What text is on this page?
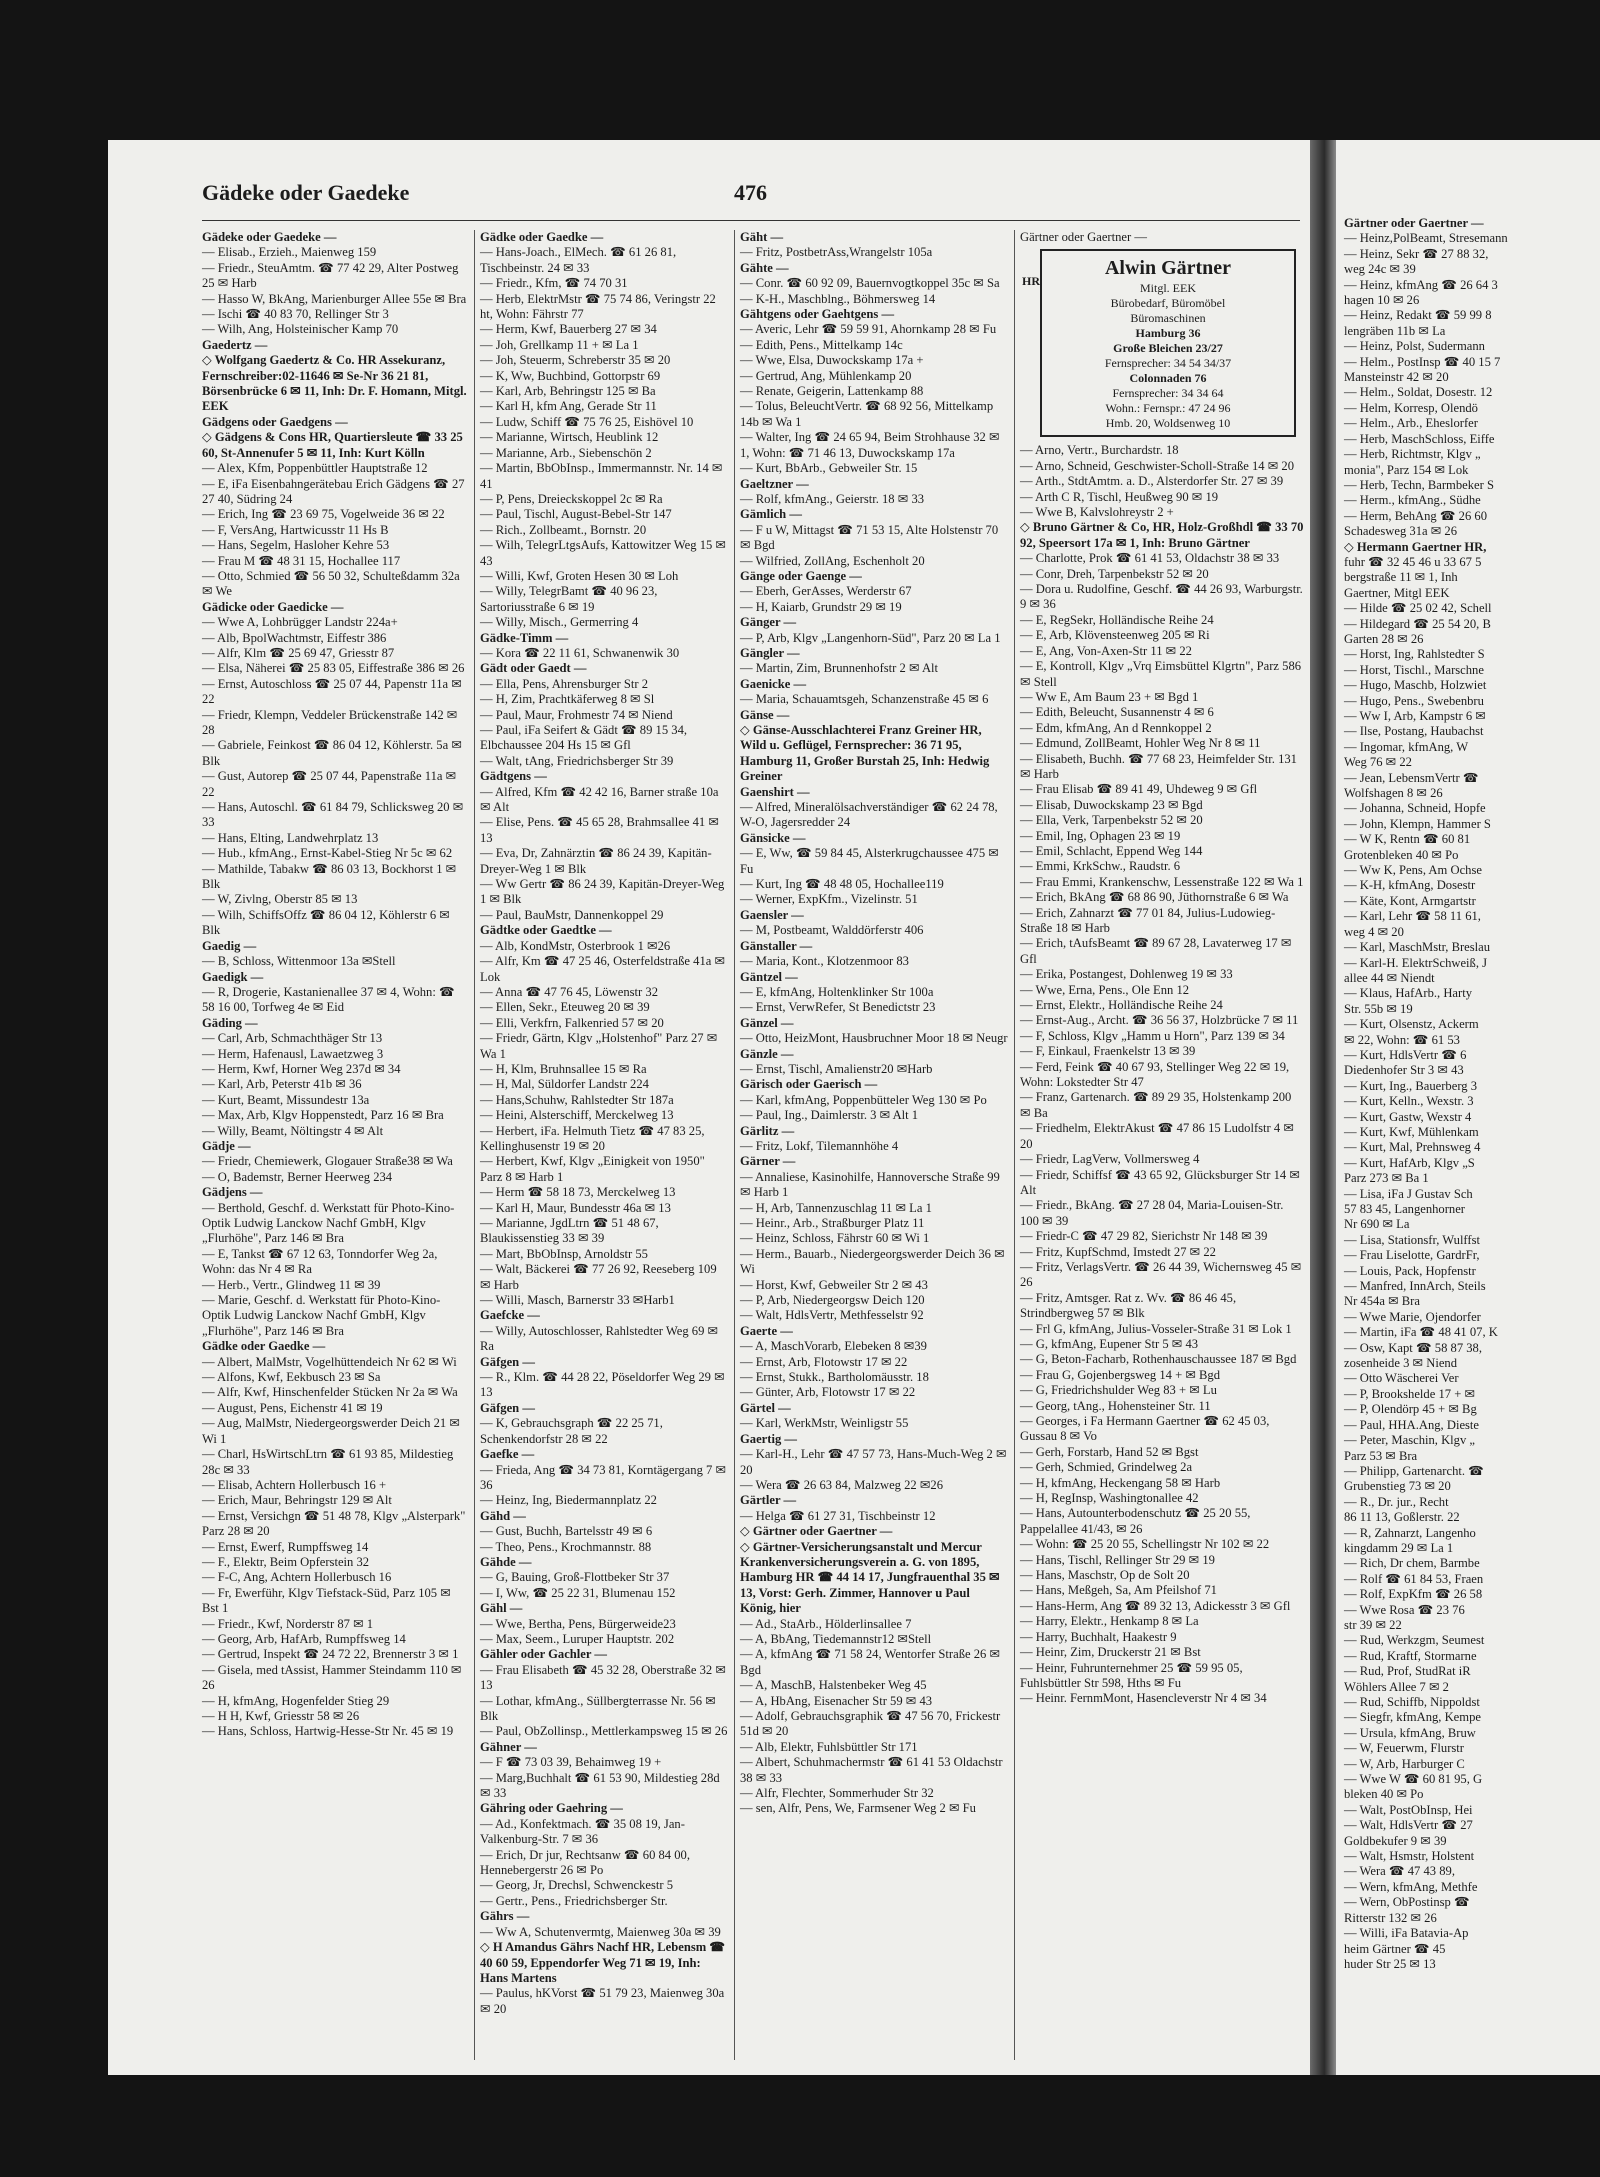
Gädeke oder Gaedeke	476
Gädeke oder Gaedeke —
— Elisab., Erzieh., Maienweg 159
— Friedr., SteuAmtm. ☎ 77 42 29, Alter Postweg 25 ✉ Harb
— Hasso W, BkAng, Marienburger Allee 55e ✉ Bra
— Ischi ☎ 40 83 70, Rellinger Str 3
— Wilh, Ang, Holsteinischer Kamp 70
Gaedertz —
◇ Wolfgang Gaedertz & Co. HR Assekuranz, Fernschreiber:02-11646 ✉ Se-Nr 36 21 81, Börsenbrücke 6 ✉ 11, Inh: Dr. F. Homann, Mitgl. EEK
Gädgens oder Gaedgens —
◇ Gädgens & Cons HR, Quartiersleute ☎ 33 25 60, St-Annenufer 5 ✉ 11, Inh: Kurt Kölln
— Alex, Kfm, Poppenbüttler Hauptstraße 12
— E, iFa Eisenbahngerätebau Erich Gädgens ☎ 27 27 40, Südring 24
— Erich, Ing ☎ 23 69 75, Vogelweide 36 ✉ 22
— F, VersAng, Hartwicusstr 11 Hs B
— Hans, Segelm, Hasloher Kehre 53
— Frau M ☎ 48 31 15, Hochallee 117
— Otto, Schmied ☎ 56 50 32, Schulteßdamm 32a ✉ We
Gädicke oder Gaedicke —
— Wwe A, Lohbrügger Landstr 224a+
— Alb, BpolWachtmstr, Eiffestr 386
— Alfr, Klm ☎ 25 69 47, Griesstr 87
— Elsa, Näherei ☎ 25 83 05, Eiffestraße 386 ✉ 26
— Ernst, Autoschloss ☎ 25 07 44, Papenstr 11a ✉ 22
— Friedr, Klempn, Veddeler Brückenstraße 142 ✉ 28
— Gabriele, Feinkost ☎ 86 04 12, Köhlerstr. 5a ✉ Blk
— Gust, Autorep ☎ 25 07 44, Papenstraße 11a ✉ 22
— Hans, Autoschl. ☎ 61 84 79, Schlicksweg 20 ✉ 33
— Hans, Elting, Landwehrplatz 13
— Hub., kfmAng., Ernst-Kabel-Stieg Nr 5c ✉ 62
— Mathilde, Tabakw ☎ 86 03 13, Bockhorst 1 ✉ Blk
— W, Zivlng, Oberstr 85 ✉ 13
— Wilh, SchiffsOffz ☎ 86 04 12, Köhlerstr 6 ✉ Blk
Gaedig —
— B, Schloss, Wittenmoor 13a ✉Stell
Gaedigk —
— R, Drogerie, Kastanienallee 37 ✉ 4, Wohn: ☎ 58 16 00, Torfweg 4e ✉ Eid
Gäding —
— Carl, Arb, Schmachthäger Str 13
— Herm, Hafenausl, Lawaetzweg 3
— Herm, Kwf, Horner Weg 237d ✉ 34
— Karl, Arb, Peterstr 41b ✉ 36
— Kurt, Beamt, Missundestr 13a
— Max, Arb, Klgv Hoppenstedt, Parz 16 ✉ Bra
— Willy, Beamt, Nöltingstr 4 ✉ Alt
Gädje —
— Friedr, Chemiewerk, Glogauer Straße38 ✉ Wa
— O, Bademstr, Berner Heerweg 234
Gädjens —
— Berthold, Geschf. d. Werkstatt für Photo-Kino-Optik Ludwig Lanckow Nachf GmbH, Klgv „Flurhöhe", Parz 146 ✉ Bra
— E, Tankst ☎ 67 12 63, Tonndorfer Weg 2a, Wohn: das Nr 4 ✉ Ra
— Herb., Vertr., Glindweg 11 ✉ 39
— Marie, Geschf. d. Werkstatt für Photo-Kino-Optik Ludwig Lanckow Nachf GmbH, Klgv „Flurhöhe", Parz 146 ✉ Bra
Gädke oder Gaedke —
— Albert, MalMstr, Vogelhüttendeich Nr 62 ✉ Wi
— Alfons, Kwf, Eekbusch 23 ✉ Sa
— Alfr, Kwf, Hinschenfelder Stücken Nr 2a ✉ Wa
— August, Pens, Eichenstr 41 ✉ 19
— Aug, MalMstr, Niedergeorgswerder Deich 21 ✉ Wi 1
— Charl, HsWirtschLtrn ☎ 61 93 85, Mildestieg 28c ✉ 33
— Elisab, Achtern Hollerbusch 16 +
— Erich, Maur, Behringstr 129 ✉ Alt
— Ernst, Versichgn ☎ 51 48 78, Klgv „Alsterpark" Parz 28 ✉ 20
— Ernst, Ewerf, Rumpffsweg 14
— F., Elektr, Beim Opferstein 32
— F-C, Ang, Achtern Hollerbusch 16
— Fr, Ewerführ, Klgv Tiefstack-Süd, Parz 105 ✉ Bst 1
— Friedr., Kwf, Norderstr 87 ✉ 1
— Georg, Arb, HafArb, Rumpffsweg 14
— Gertrud, Inspekt ☎ 24 72 22, Brennerstr 3 ✉ 1
— Gisela, med tAssist, Hammer Steindamm 110 ✉ 26
— H, kfmAng, Hogenfelder Stieg 29
— H H, Kwf, Griesstr 58 ✉ 26
— Hans, Schloss, Hartwig-Hesse-Str Nr. 45 ✉ 19
Gädke oder Gaedke —
— Hans-Joach., ElMech. ☎ 61 26 81, Tischbeinstr. 24 ✉ 33
— Friedr., Kfm, ☎ 74 70 31
— Herb, ElektrMstr ☎ 75 74 86, Veringstr 22 ht, Wohn: Fährstr 77
— Herm, Kwf, Bauerberg 27 ✉ 34
— Joh, Grellkamp 11 + ✉ La 1
— Joh, Steuerm, Schreberstr 35 ✉ 20
— K, Ww, Buchbind, Gottorpstr 69
— Karl, Arb, Behringstr 125 ✉ Ba
— Karl H, kfm Ang, Gerade Str 11
— Ludw, Schiff ☎ 75 76 25, Eishövel 10
— Marianne, Wirtsch, Heublink 12
— Marianne, Arb., Siebenschön 2
— Martin, BbObInsp., Immermannstr. Nr. 14 ✉ 41
— P, Pens, Dreieckskoppel 2c ✉ Ra
— Paul, Tischl, August-Bebel-Str 147
— Rich., Zollbeamt., Bornstr. 20
— Wilh, TelegrLtgsAufs, Kattowitzer Weg 15 ✉ 43
— Willi, Kwf, Groten Hesen 30 ✉ Loh
— Willy, TelegrBamt ☎ 40 96 23, Sartoriusstraße 6 ✉ 19
— Willy, Misch., Germerring 4
Gädke-Timm —
— Kora ☎ 22 11 61, Schwanenwik 30
Gädt oder Gaedt —
— Ella, Pens, Ahrensburger Str 2
— H, Zim, Prachtkäferweg 8 ✉ Sl
— Paul, Maur, Frohmestr 74 ✉ Niend
— Paul, iFa Seifert & Gädt ☎ 89 15 34, Elbchaussee 204 Hs 15 ✉ Gfl
— Walt, tAng, Friedrichsberger Str 39
Gädtgens —
— Alfred, Kfm ☎ 42 42 16, Barner straße 10a ✉ Alt
— Elise, Pens. ☎ 45 65 28, Brahmsallee 41 ✉ 13
— Eva, Dr, Zahnärztin ☎ 86 24 39, Kapitän-Dreyer-Weg 1 ✉ Blk
— Ww Gertr ☎ 86 24 39, Kapitän-Dreyer-Weg 1 ✉ Blk
— Paul, BauMstr, Dannenkoppel 29
Gädtke oder Gaedtke —
— Alb, KondMstr, Osterbrook 1 ✉26
— Alfr, Km ☎ 47 25 46, Osterfeldstraße 41a ✉ Lok
— Anna ☎ 47 76 45, Löwenstr 32
— Ellen, Sekr., Eteuweg 20 ✉ 39
— Elli, Verkfrn, Falkenried 57 ✉ 20
— Friedr, Gärtn, Klgv „Holstenhof" Parz 27 ✉ Wa 1
— H, Klm, Bruhnsallee 15 ✉ Ra
— H, Mal, Süldorfer Landstr 224
— Hans,Schuhw, Rahlstedter Str 187a
— Heini, Alsterschiff, Merckelweg 13
— Herbert, iFa. Helmuth Tietz ☎ 47 83 25, Kellinghusenstr 19 ✉ 20
— Herbert, Kwf, Klgv „Einigkeit von 1950" Parz 8 ✉ Harb 1
— Herm ☎ 58 18 73, Merckelweg 13
— Karl H, Maur, Bundesstr 46a ✉ 13
— Marianne, JgdLtrn ☎ 51 48 67, Blaukissenstieg 33 ✉ 39
— Mart, BbObInsp, Arnoldstr 55
— Walt, Bäckerei ☎ 77 26 92, Reeseberg 109 ✉ Harb
— Willi, Masch, Barnerstr 33 ✉Harb1
Gaefcke —
— Willy, Autoschlosser, Rahlstedter Weg 69 ✉ Ra
Gäfgen —
— R., Klm. ☎ 44 28 22, Pöseldorfer Weg 29 ✉ 13
Gäfgen —
— K, Gebrauchsgraph ☎ 22 25 71, Schenkendorfstr 28 ✉ 22
Gaefke —
— Frieda, Ang ☎ 34 73 81, Korntägergang 7 ✉ 36
— Heinz, Ing, Biedermannplatz 22
Gähd —
— Gust, Buchh, Bartelsstr 49 ✉ 6
— Theo, Pens., Krochmannstr. 88
Gähde —
— G, Bauing, Groß-Flottbeker Str 37
— I, Ww, ☎ 25 22 31, Blumenau 152
Gähl —
— Wwe, Bertha, Pens, Bürgerweide23
— Max, Seem., Luruper Hauptstr. 202
Gähler oder Gachler —
— Frau Elisabeth ☎ 45 32 28, Oberstraße 32 ✉ 13
— Lothar, kfmAng., Süllbergterrasse Nr. 56 ✉ Blk
— Paul, ObZollinsp., Mettlerkampsweg 15 ✉ 26
Gähner —
— F ☎ 73 03 39, Behaimweg 19 +
— Marg,Buchhalt ☎ 61 53 90, Mildestieg 28d ✉ 33
Gähring oder Gaehring —
— Ad., Konfektmach. ☎ 35 08 19, Jan-Valkenburg-Str. 7 ✉ 36
— Erich, Dr jur, Rechtsanw ☎ 60 84 00, Hennebergerstr 26 ✉ Po
— Georg, Jr, Drechsl, Schwenckestr 5
— Gertr., Pens., Friedrichsberger Str.
Gährs —
— Ww A, Schutenvermtg, Maienweg 30a ✉ 39
◇ H Amandus Gährs Nachf HR, Lebensm ☎ 40 60 59, Eppendorfer Weg 71 ✉ 19, Inh: Hans Martens
— Paulus, hKVorst ☎ 51 79 23, Maienweg 30a ✉ 20
Gäht —
— Fritz, PostbetrAss,Wrangelstr 105a
Gähte —
— Conr. ☎ 60 92 09, Bauernvogtkoppel 35c ✉ Sa
— K-H., Maschblng., Böhmersweg 14
Gähtgens oder Gaehtgens —
— Averic, Lehr ☎ 59 59 91, Ahornkamp 28 ✉ Fu
— Edith, Pens., Mittelkamp 14c
— Wwe, Elsa, Duwockskamp 17a +
— Gertrud, Ang, Mühlenkamp 20
— Renate, Geigerin, Lattenkamp 88
— Tolus, BeleuchtVertr. ☎ 68 92 56, Mittelkamp 14b ✉ Wa 1
— Walter, Ing ☎ 24 65 94, Beim Strohhause 32 ✉ 1, Wohn: ☎ 71 46 13, Duwockskamp 17a
— Kurt, BbArb., Gebweiler Str. 15
Gaeltzner —
— Rolf, kfmAng., Geierstr. 18 ✉ 33
Gämlich —
— F u W, Mittagst ☎ 71 53 15, Alte Holstenstr 70 ✉ Bgd
— Wilfried, ZollAng, Eschenholt 20
Gänge oder Gaenge —
— Eberh, GerAsses, Werderstr 67
— H, Kaiarb, Grundstr 29 ✉ 19
Gänger —
— P, Arb, Klgv „Langenhorn-Süd", Parz 20 ✉ La 1
Gängler —
— Martin, Zim, Brunnenhofstr 2 ✉ Alt
Gaenicke —
— Maria, Schauamtsgeh, Schanzenstraße 45 ✉ 6
Gänse —
◇ Gänse-Ausschlachterei Franz Greiner HR, Wild u. Geflügel, Fernsprecher: 36 71 95, Hamburg 11, Großer Burstah 25, Inh: Hedwig Greiner
Gaenshirt —
— Alfred, Mineralölsachverständiger ☎ 62 24 78, W-O, Jagersredder 24
Gänsicke —
— E, Ww, ☎ 59 84 45, Alsterkrugchaussee 475 ✉ Fu
— Kurt, Ing ☎ 48 48 05, Hochallee119
— Werner, ExpKfm., Vizelinstr. 51
Gaensler —
— M, Postbeamt, Walddörferstr 406
Gänstaller —
— Maria, Kont., Klotzenmoor 83
Gäntzel —
— E, kfmAng, Holtenklinker Str 100a
— Ernst, VerwRefer, St Benedictstr 23
Gänzel —
— Otto, HeizMont, Hausbruchner Moor 18 ✉ Neugr
Gänzle —
— Ernst, Tischl, Amalienstr20 ✉Harb
Gärisch oder Gaerisch —
— Karl, kfmAng, Poppenbütteler Weg 130 ✉ Po
— Paul, Ing., Daimlerstr. 3 ✉ Alt 1
Gärlitz —
— Fritz, Lokf, Tilemannhöhe 4
Gärner —
— Annaliese, Kasinohilfe, Hannoversche Straße 99 ✉ Harb 1
— H, Arb, Tannenzuschlag 11 ✉ La 1
— Heinr., Arb., Straßburger Platz 11
— Heinz, Schloss, Fährstr 60 ✉ Wi 1
— Herm., Bauarb., Niedergeorgswerder Deich 36 ✉ Wi
— Horst, Kwf, Gebweiler Str 2 ✉ 43
— P, Arb, Niedergeorgsw Deich 120
— Walt, HdlsVertr, Methfesselstr 92
Gaerte —
— A, MaschVorarb, Elebeken 8 ✉39
— Ernst, Arb, Flotowstr 17 ✉ 22
— Ernst, Stukk., Bartholomäusstr. 18
— Günter, Arb, Flotowstr 17 ✉ 22
Gärtel —
— Karl, WerkMstr, Weinligstr 55
Gaertig —
— Karl-H., Lehr ☎ 47 57 73, Hans-Much-Weg 2 ✉ 20
— Wera ☎ 26 63 84, Malzweg 22 ✉26
Gärtler —
— Helga ☎ 61 27 31, Tischbeinstr 12
◇ Gärtner oder Gaertner —
◇ Gärtner-Versicherungsanstalt und Mercur Krankenversicherungsverein a. G. von 1895, Hamburg HR ☎ 44 14 17, Jungfrauenthal 35 ✉ 13, Vorst: Gerh. Zimmer, Hannover u Paul König, hier
— Ad., StaArb., Hölderlinsallee 7
— A, BbAng, Tiedemannstr12 ✉Stell
— A, kfmAng ☎ 71 58 24, Wentorfer Straße 26 ✉ Bgd
— A, MaschB, Halstenbeker Weg 45
— A, HbAng, Eisenacher Str 59 ✉ 43
— Adolf, Gebrauchsgraphik ☎ 47 56 70, Frickestr 51d ✉ 20
— Alb, Elektr, Fuhlsbüttler Str 171
— Albert, Schuhmachermstr ☎ 61 41 53 Oldachstr 38 ✉ 33
— Alfr, Flechter, Sommerhuder Str 32
— sen, Alfr, Pens, We, Farmsener Weg 2 ✉ Fu
Gärtner oder Gaertner —
HR
Alwin Gärtner
Mitgl. EEK
Bürobedarf, Büromöbel
Büromaschinen
Hamburg 36
Große Bleichen 23/27
Fernsprecher: 34 54 34/37
Colonnaden 76
Fernsprecher: 34 34 64
Wohn.: Fernspr.: 47 24 96
Hmb. 20, Woldsenweg 10
— Arno, Vertr., Burchardstr. 18
— Arno, Schneid, Geschwister-Scholl-Straße 14 ✉ 20
— Arth., StdtAmtm. a. D., Alsterdorfer Str. 27 ✉ 39
— Arth C R, Tischl, Heußweg 90 ✉ 19
— Wwe B, Kalvslohreystr 2 +
◇ Bruno Gärtner & Co, HR, Holz-Großhdl ☎ 33 70 92, Speersort 17a ✉ 1, Inh: Bruno Gärtner
— Charlotte, Prok ☎ 61 41 53, Oldachstr 38 ✉ 33
— Conr, Dreh, Tarpenbekstr 52 ✉ 20
— Dora u. Rudolfine, Geschf. ☎ 44 26 93, Warburgstr. 9 ✉ 36
— E, RegSekr, Holländische Reihe 24
— E, Arb, Klövensteenweg 205 ✉ Ri
— E, Ang, Von-Axen-Str 11 ✉ 22
— E, Kontroll, Klgv „Vrq Eimsbüttel Klgrtn", Parz 586 ✉ Stell
— Ww E, Am Baum 23 + ✉ Bgd 1
— Edith, Beleucht, Susannenstr 4 ✉ 6
— Edm, kfmAng, An d Rennkoppel 2
— Edmund, ZollBeamt, Hohler Weg Nr 8 ✉ 11
— Elisabeth, Buchh. ☎ 77 68 23, Heimfelder Str. 131 ✉ Harb
— Frau Elisab ☎ 89 41 49, Uhdeweg 9 ✉ Gfl
— Elisab, Duwockskamp 23 ✉ Bgd
— Ella, Verk, Tarpenbekstr 52 ✉ 20
— Emil, Ing, Ophagen 23 ✉ 19
— Emil, Schlacht, Eppend Weg 144
— Emmi, KrkSchw., Raudstr. 6
— Frau Emmi, Krankenschw, Lessenstraße 122 ✉ Wa 1
— Erich, BkAng ☎ 68 86 90, Jüthornstraße 6 ✉ Wa
— Erich, Zahnarzt ☎ 77 01 84, Julius-Ludowieg-Straße 18 ✉ Harb
— Erich, tAufsBeamt ☎ 89 67 28, Lavaterweg 17 ✉ Gfl
— Erika, Postangest, Dohlenweg 19 ✉ 33
— Wwe, Erna, Pens., Ole Enn 12
— Ernst, Elektr., Holländische Reihe 24
— Ernst-Aug., Archt. ☎ 36 56 37, Holzbrücke 7 ✉ 11
— F, Schloss, Klgv „Hamm u Horn", Parz 139 ✉ 34
— F, Einkaul, Fraenkelstr 13 ✉ 39
— Ferd, Feink ☎ 40 67 93, Stellinger Weg 22 ✉ 19, Wohn: Lokstedter Str 47
— Franz, Gartenarch. ☎ 89 29 35, Holstenkamp 200 ✉ Ba
— Friedhelm, ElektrAkust ☎ 47 86 15 Ludolfstr 4 ✉ 20
— Friedr, LagVerw, Vollmersweg 4
— Friedr, Schiffsf ☎ 43 65 92, Glücksburger Str 14 ✉ Alt
— Friedr., BkAng. ☎ 27 28 04, Maria-Louisen-Str. 100 ✉ 39
— Friedr-C ☎ 47 29 82, Sierichstr Nr 148 ✉ 39
— Fritz, KupfSchmd, Imstedt 27 ✉ 22
— Fritz, VerlagsVertr. ☎ 26 44 39, Wichernsweg 45 ✉ 26
— Fritz, Amtsger. Rat z. Wv. ☎ 86 46 45, Strindbergweg 57 ✉ Blk
— Frl G, kfmAng, Julius-Vosseler-Straße 31 ✉ Lok 1
— G, kfmAng, Eupener Str 5 ✉ 43
— G, Beton-Facharb, Rothenhauschaussee 187 ✉ Bgd
— Frau G, Gojenbergsweg 14 + ✉ Bgd
— G, Friedrichshulder Weg 83 + ✉ Lu
— Georg, tAng., Hohensteiner Str. 11
— Georges, i Fa Hermann Gaertner ☎ 62 45 03, Gussau 8 ✉ Vo
— Gerh, Forstarb, Hand 52 ✉ Bgst
— Gerh, Schmied, Grindelweg 2a
— H, kfmAng, Heckengang 58 ✉ Harb
— H, RegInsp, Washingtonallee 42
— Hans, Autounterbodenschutz ☎ 25 20 55, Pappelallee 41/43, ✉ 26
— Wohn: ☎ 25 20 55, Schellingstr Nr 102 ✉ 22
— Hans, Tischl, Rellinger Str 29 ✉ 19
— Hans, Maschstr, Op de Solt 20
— Hans, Meßgeh, Sa, Am Pfeilshof 71
— Hans-Herm, Ang ☎ 89 32 13, Adickesstr 3 ✉ Gfl
— Harry, Elektr., Henkamp 8 ✉ La
— Harry, Buchhalt, Haakestr 9
— Heinr, Zim, Druckerstr 21 ✉ Bst
— Heinr, Fuhrunternehmer 25 ☎ 59 95 05, Fuhlsbüttler Str 598, Hths ✉ Fu
— Heinr. FernmMont, Hasencleverstr Nr 4 ✉ 34
Gärtner oder Gaertner —
— Heinz,PolBeamt, Stresemann
— Heinz, Sekr ☎ 27 88 32,
weg 24c ✉ 39
— Heinz, kfmAng ☎ 26 64 3
hagen 10 ✉ 26
— Heinz, Redakt ☎ 59 99 8
lengräben 11b ✉ La
— Heinz, Polst, Sudermann
— Helm., PostInsp ☎ 40 15 7
Mansteinstr 42 ✉ 20
— Helm., Soldat, Dosestr. 12
— Helm, Korresp, Olendö
— Helm., Arb., Eheslorfer
— Herb, MaschSchloss, Eiffe
— Herb, Richtmstr, Klgv „
monia", Parz 154 ✉ Lok
— Herb, Techn, Barmbeker S
— Herm., kfmAng., Südhe
— Herm, BehAng ☎ 26 60
Schadesweg 31a ✉ 26
◇ Hermann Gaertner HR,
fuhr ☎ 32 45 46 u 33 67 5
bergstraße 11 ✉ 1, Inh
Gaertner, Mitgl EEK
— Hilde ☎ 25 02 42, Schell
— Hildegard ☎ 25 54 20, B
Garten 28 ✉ 26
— Horst, Ing, Rahlstedter S
— Horst, Tischl., Marschne
— Hugo, Maschb, Holzwiet
— Hugo, Pens., Swebenbru
— Ww I, Arb, Kampstr 6 ✉
— Ilse, Postang, Haubachst
— Ingomar, kfmAng, W
Weg 76 ✉ 22
— Jean, LebensmVertr ☎
Wolfshagen 8 ✉ 26
— Johanna, Schneid, Hopfe
— John, Klempn, Hammer S
— W K, Rentn ☎ 60 81
Grotenbleken 40 ✉ Po
— Ww K, Pens, Am Ochse
— K-H, kfmAng, Dosestr
— Käte, Kont, Armgartstr
— Karl, Lehr ☎ 58 11 61,
weg 4 ✉ 20
— Karl, MaschMstr, Breslau
— Karl-H. ElektrSchweiß, J
allee 44 ✉ Niendt
— Klaus, HafArb., Harty
Str. 55b ✉ 19
— Kurt, Olsenstz, Ackerm
✉ 22, Wohn: ☎ 61 53
— Kurt, HdlsVertr ☎ 6
Diedenhofer Str 3 ✉ 43
— Kurt, Ing., Bauerberg 3
— Kurt, Kelln., Wexstr. 3
— Kurt, Gastw, Wexstr 4
— Kurt, Kwf, Mühlenkam
— Kurt, Mal, Prehnsweg 4
— Kurt, HafArb, Klgv „S
Parz 273 ✉ Ba 1
— Lisa, iFa J Gustav Sch
57 83 45, Langenhorner
Nr 690 ✉ La
— Lisa, Stationsfr, Wulffst
— Frau Liselotte, GardrFr,
— Louis, Pack, Hopfenstr
— Manfred, InnArch, Steils
Nr 454a ✉ Bra
— Wwe Marie, Ojendorfer
— Martin, iFa ☎ 48 41 07, K
— Osw, Kapt ☎ 58 87 38,
zosenheide 3 ✉ Niend
— Otto Wäscherei Ver
— P, Brookshelde 17 + ✉
— P, Olendörp 45 + ✉ Bg
— Paul, HHA.Ang, Dieste
— Peter, Maschin, Klgv „
Parz 53 ✉ Bra
— Philipp, Gartenarcht. ☎
Grubenstieg 73 ✉ 20
— R., Dr. jur., Recht
86 11 13, Goßlerstr. 22
— R, Zahnarzt, Langenho
kingdamm 29 ✉ La 1
— Rich, Dr chem, Barmbe
— Rolf ☎ 61 84 53, Fraen
— Rolf, ExpKfm ☎ 26 58
— Wwe Rosa ☎ 23 76
str 39 ✉ 22
— Rud, Werkzgm, Seumest
— Rud, Kraftf, Stormarne
— Rud, Prof, StudRat iR
Wöhlers Allee 7 ✉ 2
— Rud, Schiffb, Nippoldst
— Siegfr, kfmAng, Kempe
— Ursula, kfmAng, Bruw
— W, Feuerwm, Flurstr
— W, Arb, Harburger C
— Wwe W ☎ 60 81 95, G
bleken 40 ✉ Po
— Walt, PostObInsp, Hei
— Walt, HdlsVertr ☎ 27
Goldbekufer 9 ✉ 39
— Walt, Hsmstr, Holstent
— Wera ☎ 47 43 89,
— Wern, kfmAng, Methfe
— Wern, ObPostinsp ☎
Ritterstr 132 ✉ 26
— Willi, iFa Batavia-Ap
heim Gärtner ☎ 45
huder Str 25 ✉ 13
